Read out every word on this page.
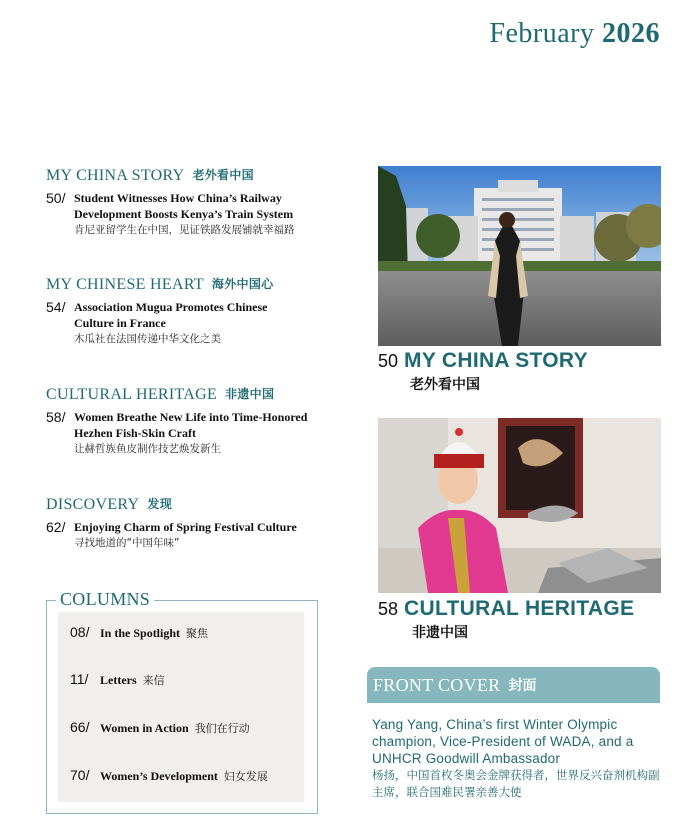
February 2026
MY CHINA STORY 老外看中国
50/ Student Witnesses How China’s Railway
Development Boosts Kenya’s Train System
肯尼亚留学生在中国，见证铁路发展铺就幸福路
MY CHINESE HEART 海外中国心
54/ Association Mugua Promotes Chinese
Culture in France
木瓜社在法国传递中华文化之美
CULTURAL HERITAGE 非遗中国
58/ Women Breathe New Life into Time-Honored
Hezhen Fish-Skin Craft
让赫哲族鱼皮制作技艺焕发新生
DISCOVERY 发现
62/ Enjoying Charm of Spring Festival Culture
寻找地道的“中国年味”
08/ In the Spotlight 聚焦
11/ Letters 来信
66/ Women in Action 我们在行动
70/ Women’s Development 妇女发展
COLUMNS
50 MY CHINA STORY
老外看中国
58 CULTURAL HERITAGE
非遗中国
FRONT COVER 封面
Yang Yang, China’s first Winter Olympic champion, Vice-President of WADA, and a UNHCR Goodwill Ambassador
杨扬，中国首枚冬奥会金牌获得者，世界反兴奋剂机构副主席，联合国难民署亲善大使
